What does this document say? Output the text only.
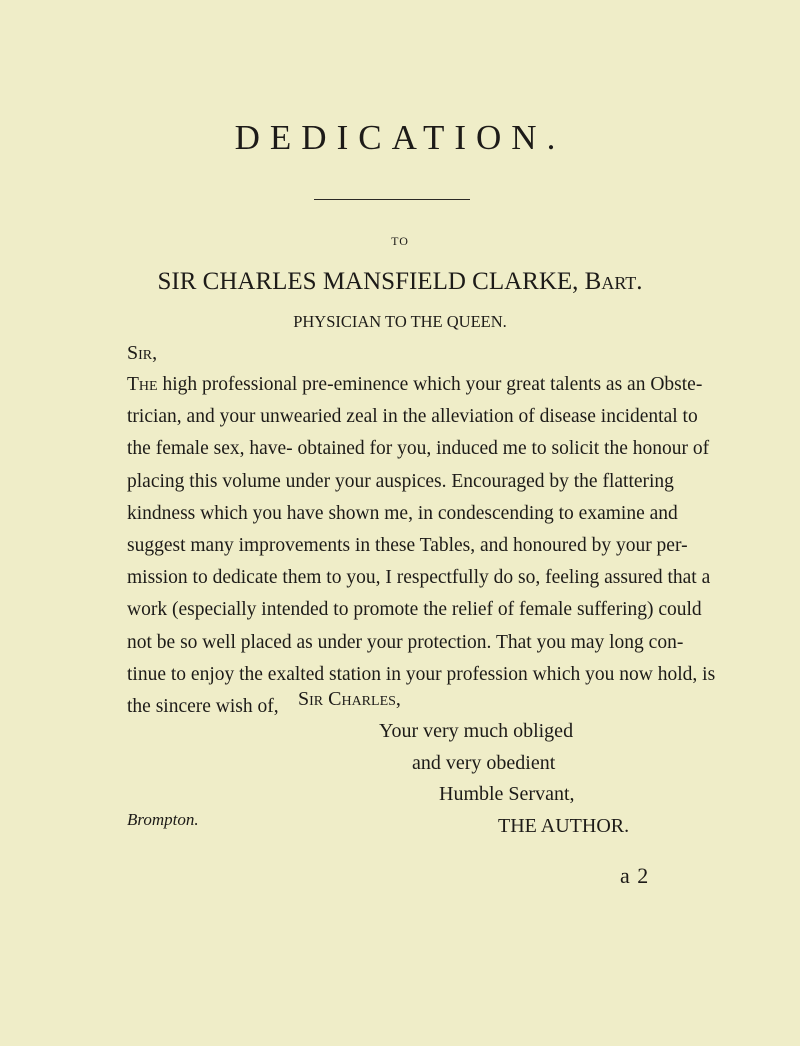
DEDICATION.
TO
SIR CHARLES MANSFIELD CLARKE, Bart.
PHYSICIAN TO THE QUEEN.
Sir,
The high professional pre-eminence which your great talents as an Obste-
trician, and your unwearied zeal in the alleviation of disease incidental to
the female sex, have- obtained for you, induced me to solicit the honour of
placing this volume under your auspices. Encouraged by the flattering
kindness which you have shown me, in condescending to examine and
suggest many improvements in these Tables, and honoured by your per-
mission to dedicate them to you, I respectfully do so, feeling assured that a
work (especially intended to promote the relief of female suffering) could
not be so well placed as under your protection. That you may long con-
tinue to enjoy the exalted station in your profession which you now hold, is
the sincere wish of, Sir Charles,
Your very much obliged
and very obedient
Humble Servant,
THE AUTHOR.
Brompton.
a 2
